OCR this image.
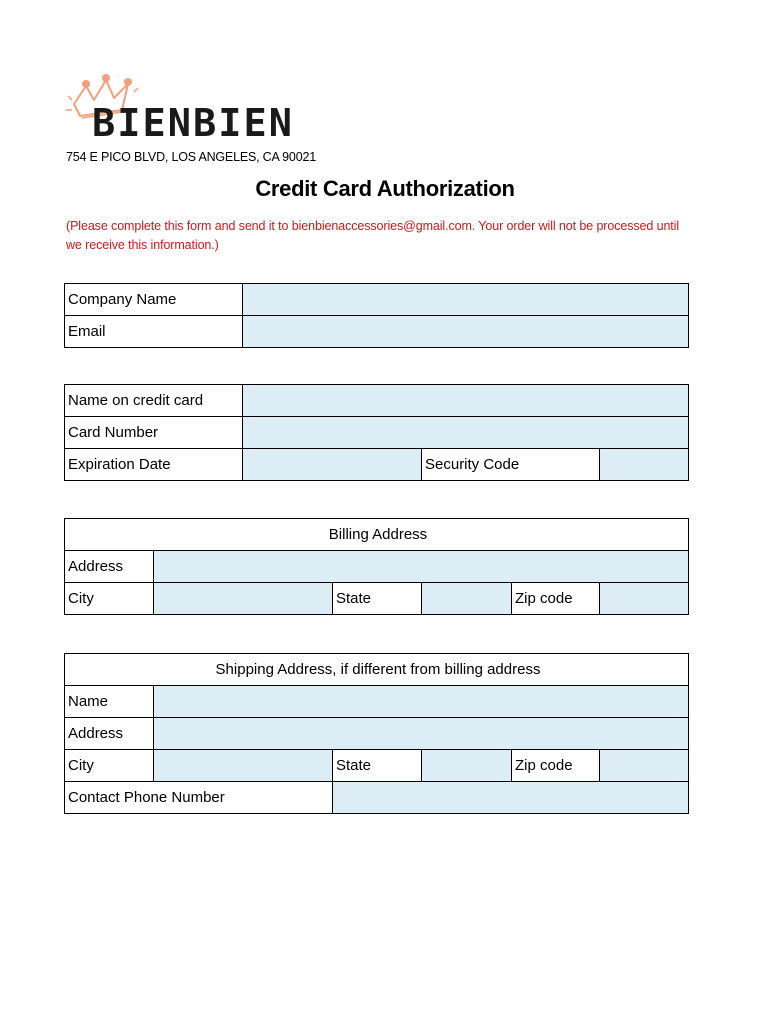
BIENBIEN
754 E PICO BLVD, LOS ANGELES, CA 90021
Credit Card Authorization
(Please complete this form and send it to bienbienaccessories@gmail.com. Your order will not be processed until we receive this information.)
Company Name	
Email	
Name on credit card			
Card Number			
Expiration Date		Security Code	
Billing Address					
Address					
City		State		Zip code	
Shipping Address, if different from billing address					
Name					
Address					
City		State		Zip code	
Contact Phone Number					
